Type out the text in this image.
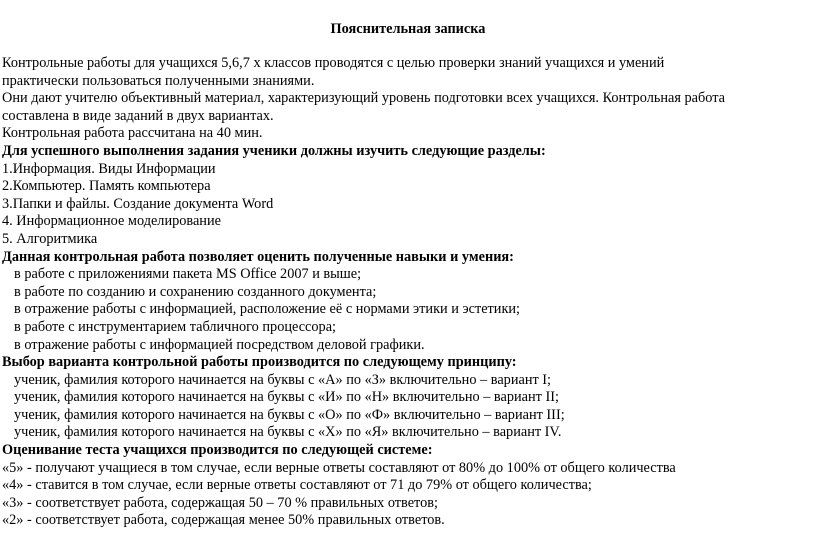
Пояснительная записка
Контрольные работы для учащихся 5,6,7 х классов проводятся с целью проверки знаний учащихся и умений
практически пользоваться полученными знаниями.
Они дают учителю объективный материал, характеризующий уровень подготовки всех учащихся. Контрольная работа
составлена в виде заданий в двух вариантах.
Контрольная работа рассчитана на 40 мин.
Для успешного выполнения задания ученики должны изучить следующие разделы:
1.Информация. Виды Информации
2.Компьютер. Память компьютера
3.Папки и файлы. Создание документа Word
4. Информационное моделирование
5. Алгоритмика
Данная контрольная работа позволяет оценить полученные навыки и умения:
в работе с приложениями пакета MS Office 2007 и выше;
в работе по созданию и сохранению созданного документа;
в отражение работы с информацией, расположение её с нормами этики и эстетики;
в работе с инструментарием табличного процессора;
в отражение работы с информацией посредством деловой графики.
Выбор варианта контрольной работы производится по следующему принципу:
ученик, фамилия которого начинается на буквы с «А» по «З» включительно – вариант I;
ученик, фамилия которого начинается на буквы с «И» по «Н» включительно – вариант II;
ученик, фамилия которого начинается на буквы с «О» по «Ф» включительно – вариант III;
ученик, фамилия которого начинается на буквы с «Х» по «Я» включительно – вариант IV.
Оценивание теста учащихся производится по следующей системе:
«5» - получают учащиеся в том случае, если верные ответы составляют от 80% до 100% от общего количества
«4» - ставится в том случае, если верные ответы составляют от 71 до 79% от общего количества;
«3» - соответствует работа, содержащая 50 – 70 % правильных ответов;
«2» - соответствует работа, содержащая менее 50% правильных ответов.
